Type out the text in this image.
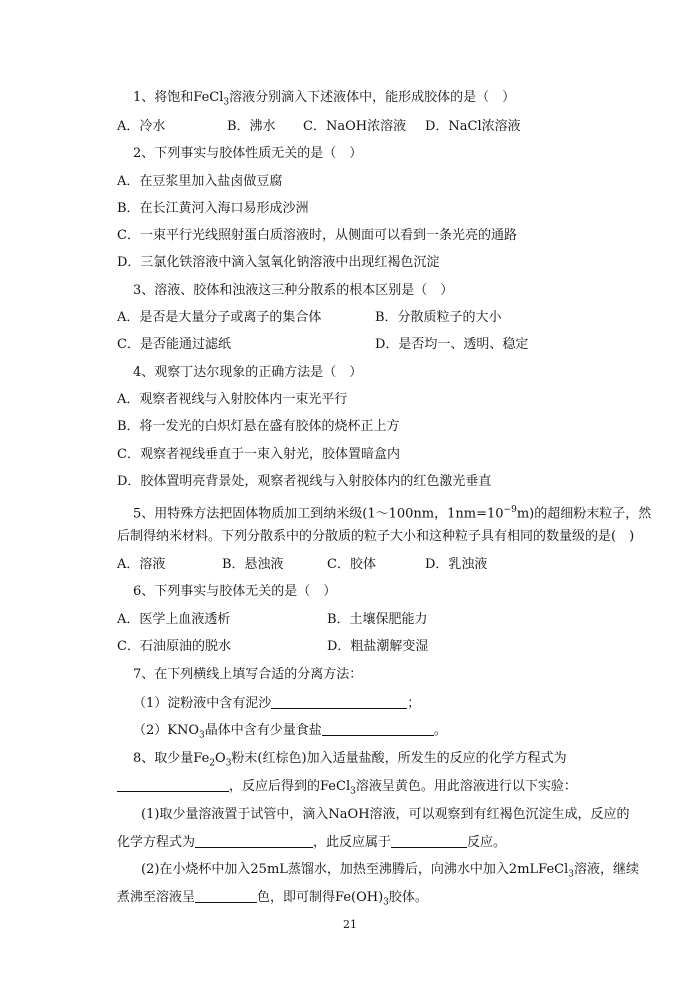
1、将饱和FeCl$_3$溶液分别滴入下述液体中，能形成胶体的是（　）
A．冷水	B．沸水 C．NaOH浓溶液 D．NaCl浓溶液
2、下列事实与胶体性质无关的是（　）
A．在豆浆里加入盐卤做豆腐
B．在长江黄河入海口易形成沙洲
C．一束平行光线照射蛋白质溶液时，从侧面可以看到一条光亮的通路
D．三氯化铁溶液中滴入氢氧化钠溶液中出现红褐色沉淀
3、溶液、胶体和浊液这三种分散系的根本区别是（　）
A．是否是大量分子或离子的集合体	B．分散质粒子的大小
C．是否能通过滤纸	D．是否均一、透明、稳定
4、观察丁达尔现象的正确方法是（　）
A．观察者视线与入射胶体内一束光平行
B．将一发光的白炽灯悬在盛有胶体的烧杯正上方
C．观察者视线垂直于一束入射光，胶体置暗盒内
D．胶体置明亮背景处，观察者视线与入射胶体内的红色激光垂直
5、用特殊方法把固体物质加工到纳米级(1～100nm，$1nm=10^{-9}m$)的超细粉末粒子，然
后制得纳米材料。下列分散系中的分散质的粒子大小和这种粒子具有相同的数量级的是(　)
A．溶液	B．悬浊液	C．胶体	D．乳浊液
6、下列事实与胶体无关的是（　）
A．医学上血液透析	B．土壤保肥能力
C．石油原油的脱水	D．粗盐潮解变湿
7、在下列横线上填写合适的分离方法：
（1）淀粉液中含有泥沙	；
$(2)KNO_3$晶体中含有少量食盐	。
8、取少量$Fe_2O_3$粉末(红棕色)加入适量盐酸，所发生的反应的化学方程式为
，反应后得到的FeCl$_3$溶液呈黄色。用此溶液进行以下实验：
(1)取少量溶液置于试管中，滴入NaOH溶液，可以观察到有红褐色沉淀生成，反应的
化学方程式为	，此反应属于	反应。
(2)在小烧杯中加入25mL蒸馏水，加热至沸腾后，向沸水中加入2mLFeCl$_3$溶液，继续
煮沸至溶液呈	色，即可制得$Fe(OH)_3$胶体。
21
